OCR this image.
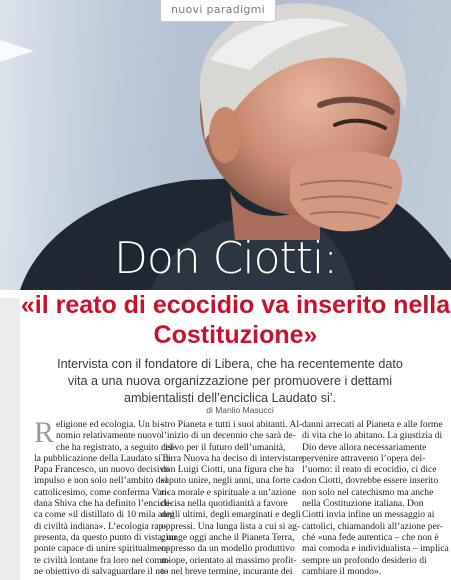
nuovi paradigmi
Don Ciotti:
«il reato di ecocidio va inserito nella Costituzione»

Intervista con il fondatore di Libera, che ha recentemente dato vita a una nuova organizzazione per promuovere i dettami ambientalisti dell’enciclica Laudato si’.

di Manlio Masucci
R eligione ed ecologia. Un bi-
nomio relativamente nuovo
che ha registrato, a seguito del-
la pubblicazione della Laudato si di
Papa Francesco, un nuovo decisivo
impulso e non solo nell’ambito del
cattolicesimo, come conferma Van-
dana Shiva che ha definito l’encicli-
ca come «il distillato di 10 mila anni
di civiltà indiana». L’ecologia rap-
presenta, da questo punto di vista, un
ponte capace di unire spiritualmen-
te civiltà lontane fra loro nel comu-
ne obiettivo di salvaguardare il no-
stro Pianeta e tutti i suoi abitanti. Al-
l’inizio di un decennio che sarà de-
cisivo per il futuro dell’umanità,
Terra Nuova ha deciso di intervistare
don Luigi Ciotti, una figura che ha
saputo unire, negli anni, una forte ca-
rica morale e spirituale a un’azione
decisa nella quotidianità a favore
degli ultimi, degli emarginati e degli
oppressi. Una lunga lista a cui si ag-
giunge oggi anche il Pianeta Terra,
oppresso da un modello produttivo
miope, orientato al massimo profit-
to nel breve termine, incurante dei
danni arrecati al Pianeta e alle forme
di vita che lo abitano. La giustizia di
Dio deve allora necessariamente
pervenire attraverso l’opera del-
l’uomo: il reato di ecocidio, ci dice
don Ciotti, dovrebbe essere inserito
non solo nel catechismo ma anche
nella Costituzione italiana. Don
Ciotti invia infine un messaggio ai
cattolici, chiamandoli all’azione per-
ché «una fede autentica – che non è
mai comoda e individualista – implica
sempre un profondo desiderio di
cambiare il mondo».
